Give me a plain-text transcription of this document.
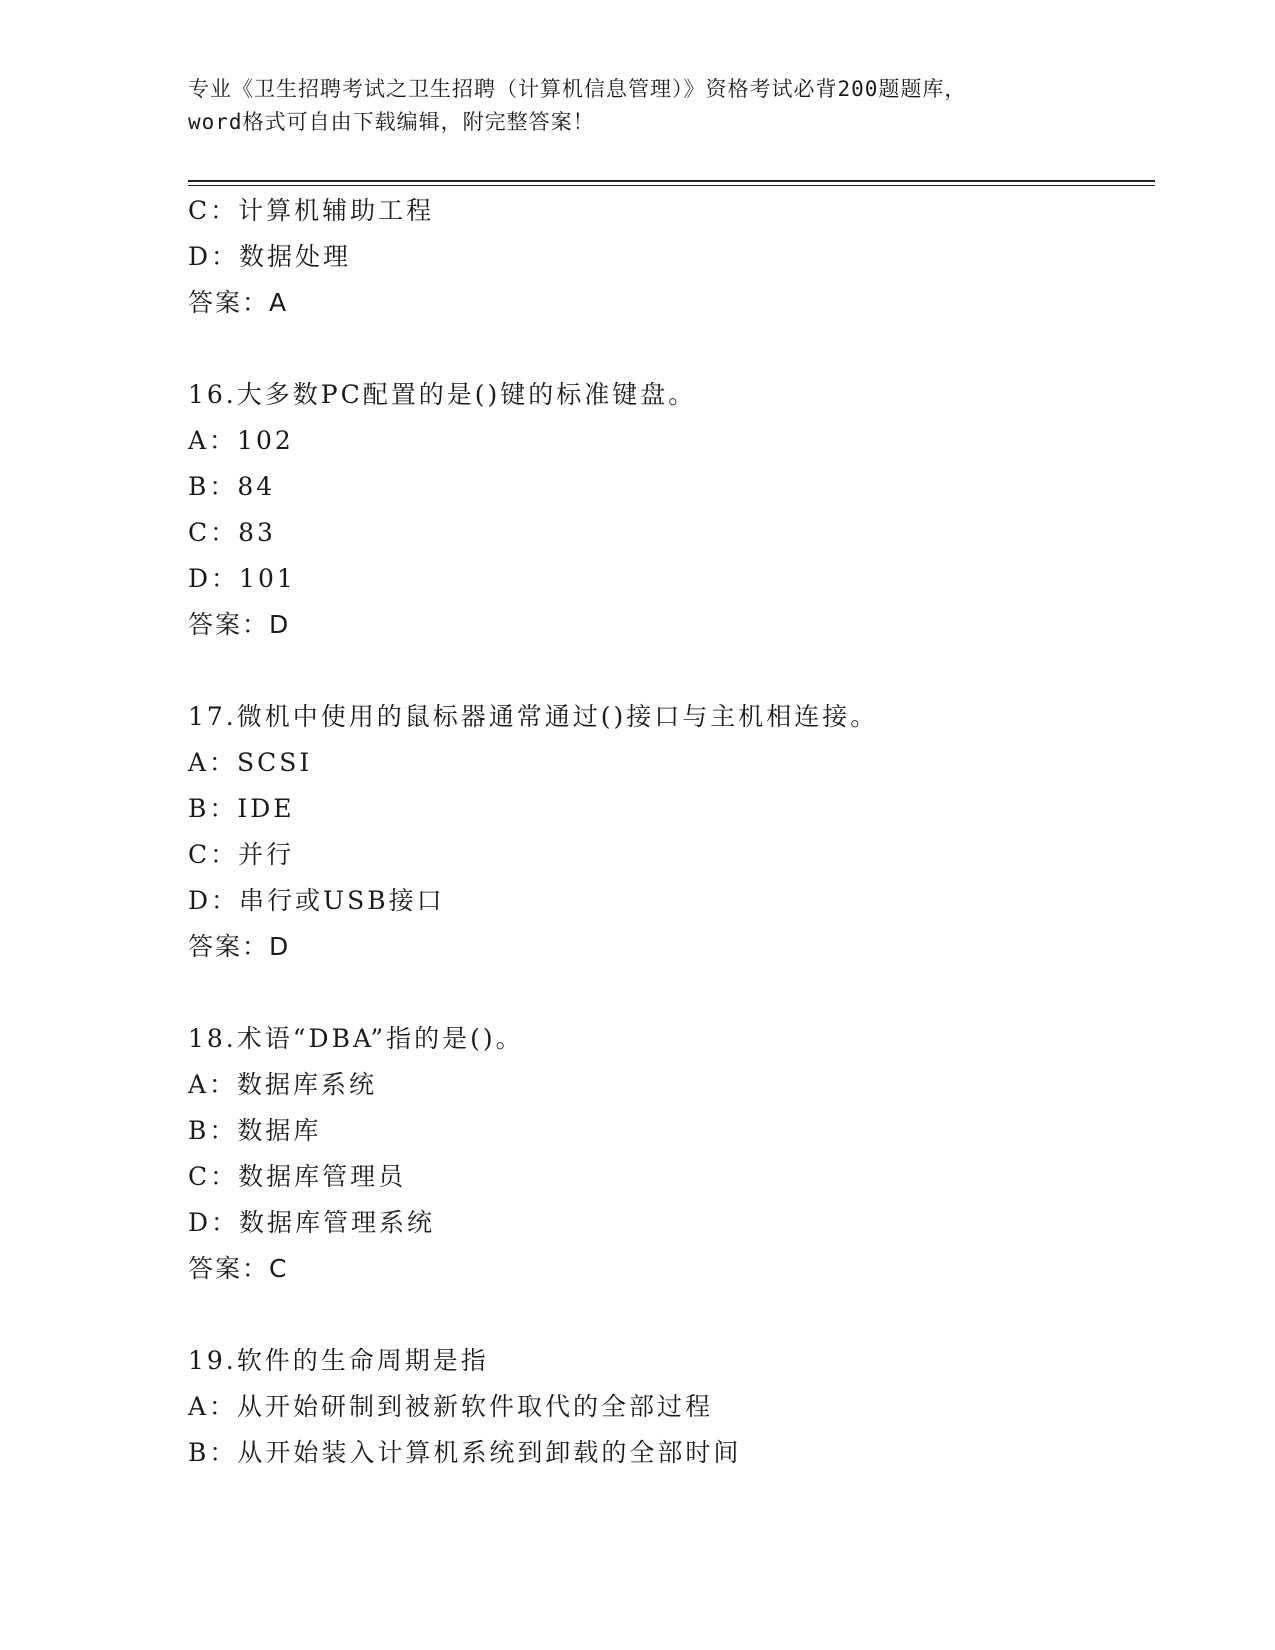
专业《卫生招聘考试之卫生招聘（计算机信息管理）》资格考试必背200题题库，
word格式可自由下载编辑，附完整答案！
C：计算机辅助工程
D：数据处理
答案：A
16.大多数PC配置的是()键的标准键盘。
A：102
B：84
C：83
D：101
答案：D
17.微机中使用的鼠标器通常通过()接口与主机相连接。
A：SCSI
B：IDE
C：并行
D：串行或USB接口
答案：D
18.术语“DBA”指的是()。
A：数据库系统
B：数据库
C：数据库管理员
D：数据库管理系统
答案：C
19.软件的生命周期是指
A：从开始研制到被新软件取代的全部过程
B：从开始装入计算机系统到卸载的全部时间
